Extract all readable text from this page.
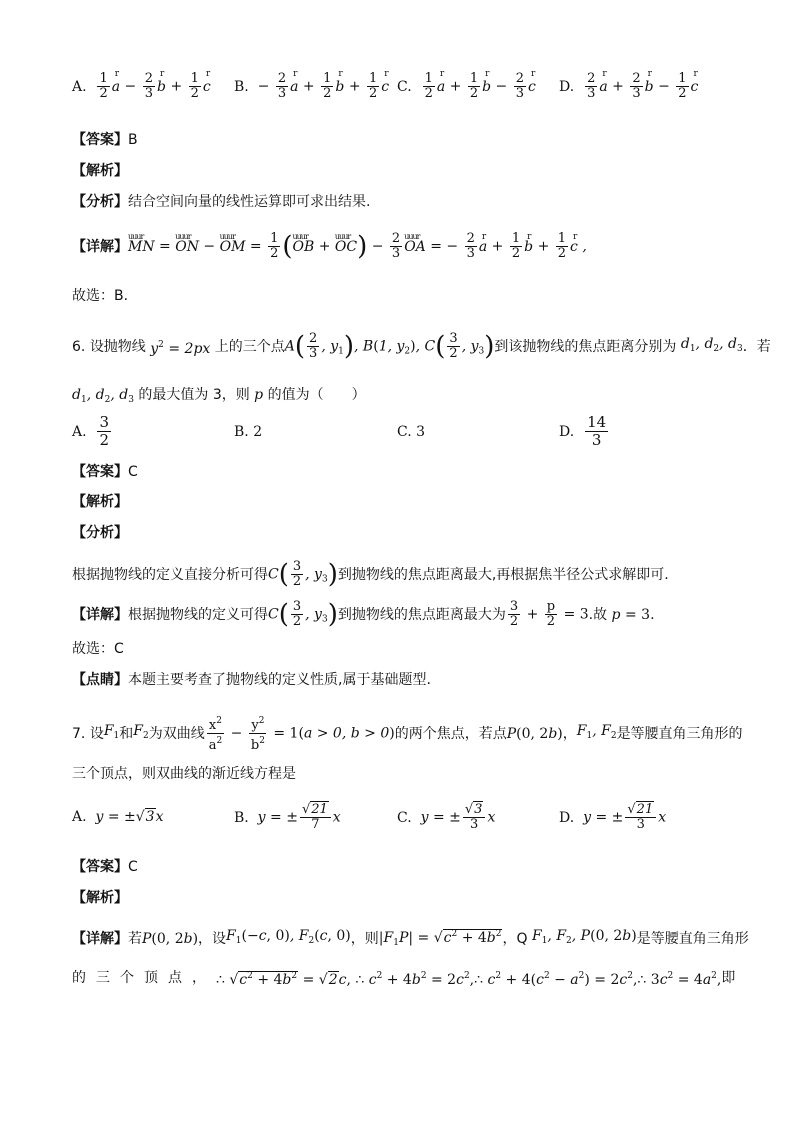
A.
$\frac{1}{2}$ r $a - \frac{2}{3}$ r $b + \frac{1}{2}$ r c B.
− $\frac{2}{3}$ r $a + \frac{1}{2}$ r $b + \frac{1}{2}$ r c C.
$\frac{1}{2}$ r $a + \frac{1}{2}$ r $b - \frac{2}{3}$ r c D.
$\frac{2}{3}$ r $a + \frac{2}{3}$ r $b - \frac{1}{2}$ r c
【答案】B
【解析】
【分析】结合空间向量的线性运算即可求出结果.
【详解】 uuur MN = uuur ON − uuur OM = $\frac{1}{2}$ (uuur OB + uuur $OC) - \frac{2}{3}$ uuur OA = − $\frac{2}{3}$ r $a + \frac{1}{2}$ r $b + \frac{1}{2}$ r c ,
故选：B.
6.
设抛物线 $y^2 = 2px$ 上的三个点 $A( \frac{2}{3}$ , $y_1$), B(1, $y_2$), $C( \frac{3}{2}$ , $y_3$) 到该抛物线的焦点距离分别为 $d_1$, $d_2$, $d_3$ ．若
$d_1$, $d_2$, $d_3$ 的最大值为 3，则 p 的值为（　　）
A.
$\frac{3}{2}$	B.
2	C.
3	D.
$\frac{14}{3}$
【答案】C
【解析】
【分析】
根据抛物线的定义直接分析可得 $C( \frac{3}{2}$ , $y_3$) 到抛物线的焦点距离最大,再根据焦半径公式求解即可.
【详解】 根据抛物线的定义可得 $C( \frac{3}{2}$ , $y_3$) 到抛物线的焦点距离最大为 $\frac{3}{2} + \frac{p}{2} = 3$ .故 p = 3.
故选：C
【点睛】本题主要考查了抛物线的定义性质,属于基础题型.
7.
设 $F_1$ 和 $F_2$ 为双曲线 $\frac{x^2}{a^2} - \frac{y^2}{b^2} = 1(a > 0$, b > 0) 的两个焦点，若点 P(0, 2b) ， $F_1$, $F_2$ 是等腰直角三角形的
三个顶点，则双曲线的渐近线方程是
A.
y = ±√3x	B.
y = ± $\frac{√21}{7}$ x	C.
y = ± $\frac{√3}{3}$ x	D.
y = ± $\frac{√21}{3}$ x
【答案】C
【解析】
【详解】 若 P(0, 2b) ，设 $F_1(-c$, 0), $F_2(c$, 0) ，则 $|F_1P| = √c^2 + 4b^2$ ，Q $F_1$, $F_2$, P(0, 2b) 是等腰直角三角形
的三个顶点， ∴ $√c^2 + 4b^2 = √2c$, ∴ $c^2 + 4b^2 = 2c^2$, ∴ $c^2 + 4(c^2 - a^2) = 2c^2$, ∴ $3c^2 = 4a^2$, 即
